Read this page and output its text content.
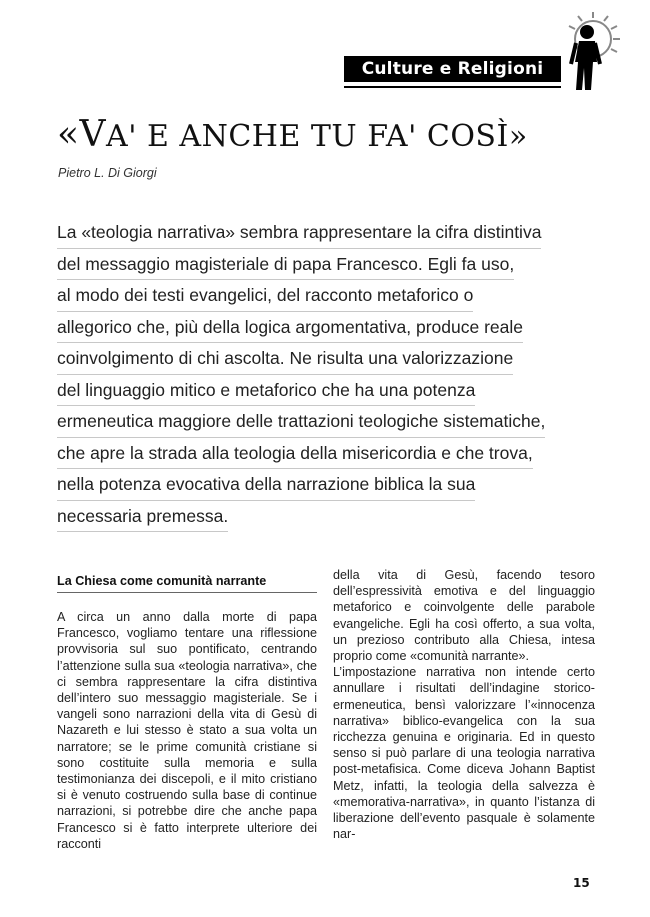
Culture e Religioni
«VA' E ANCHE TU FA' COSÌ»
Pietro L. Di Giorgi
La «teologia narrativa» sembra rappresentare la cifra distintiva
del messaggio magisteriale di papa Francesco. Egli fa uso,
al modo dei testi evangelici, del racconto metaforico o
allegorico che, più della logica argomentativa, produce reale
coinvolgimento di chi ascolta. Ne risulta una valorizzazione
del linguaggio mitico e metaforico che ha una potenza
ermeneutica maggiore delle trattazioni teologiche sistematiche,
che apre la strada alla teologia della misericordia e che trova,
nella potenza evocativa della narrazione biblica la sua
necessaria premessa.
La Chiesa come comunità narrante

A circa un anno dalla morte di papa Francesco, vogliamo tentare una riflessione provvisoria sul suo pontificato, centrando l’attenzione sulla sua «teologia narrativa», che ci sembra rappresentare la cifra distintiva dell’intero suo messaggio magisteriale. Se i vangeli sono narrazioni della vita di Gesù di Nazareth e lui stesso è stato a sua volta un narratore; se le prime comunità cristiane si sono costituite sulla memoria e sulla testimonianza dei discepoli, e il mito cristiano si è venuto costruendo sulla base di continue narrazioni, si potrebbe dire che anche papa Francesco si è fatto interprete ulteriore dei racconti

della vita di Gesù, facendo tesoro dell’espressività emotiva e del linguaggio metaforico e coinvolgente delle parabole evangeliche. Egli ha così offerto, a sua volta, un prezioso contributo alla Chiesa, intesa proprio come «comunità narrante».

L’impostazione narrativa non intende certo annullare i risultati dell’indagine storico-ermeneutica, bensì valorizzare l’«innocenza narrativa» biblico-evangelica con la sua ricchezza genuina e originaria. Ed in questo senso si può parlare di una teologia narrativa post-metafisica. Come diceva Johann Baptist Metz, infatti, la teologia della salvezza è «memorativa-narrativa», in quanto l’istanza di liberazione dell’evento pasquale è solamente nar-

15
